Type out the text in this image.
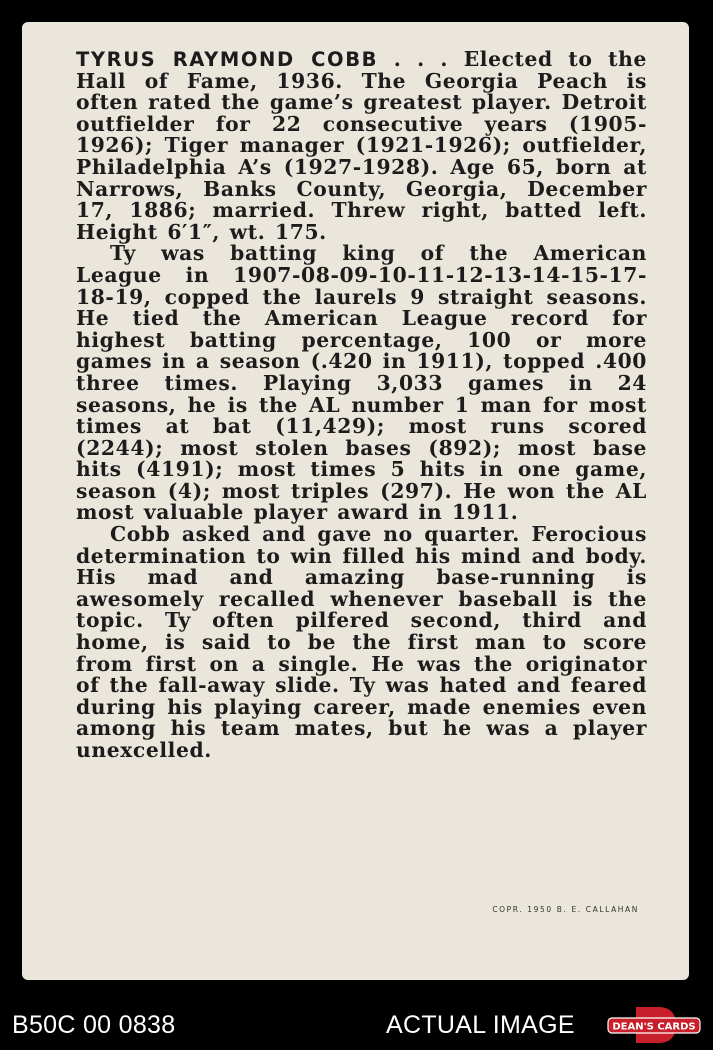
TYRUS RAYMOND COBB . . . Elected to the Hall of Fame, 1936. The Georgia Peach is often rated the game’s greatest player. Detroit outfielder for 22 consecutive years (1905-1926); Tiger manager (1921-1926); outfielder, Philadelphia A’s (1927-1928). Age 65, born at Narrows, Banks County, Georgia, December 17, 1886; married. Threw right, batted left. Height 6′1″, wt. 175.

Ty was batting king of the American League in 1907-08-09-10-11-12-13-14-15-17-18-19, copped the laurels 9 straight seasons. He tied the American League record for highest batting percentage, 100 or more games in a season (.420 in 1911), topped .400 three times. Playing 3,033 games in 24 seasons, he is the AL number 1 man for most times at bat (11,429); most runs scored (2244); most stolen bases (892); most base hits (4191); most times 5 hits in one game, season (4); most triples (297). He won the AL most valuable player award in 1911.

Cobb asked and gave no quarter. Ferocious determination to win filled his mind and body. His mad and amazing base-running is awesomely recalled whenever baseball is the topic. Ty often pilfered second, third and home, is said to be the first man to score from first on a single. He was the originator of the fall-away slide. Ty was hated and feared during his playing career, made enemies even among his team mates, but he was a player unexcelled.

COPR. 1950 B. E. CALLAHAN
B50C 00 0838	ACTUAL IMAGE	DEAN'S CARDS
